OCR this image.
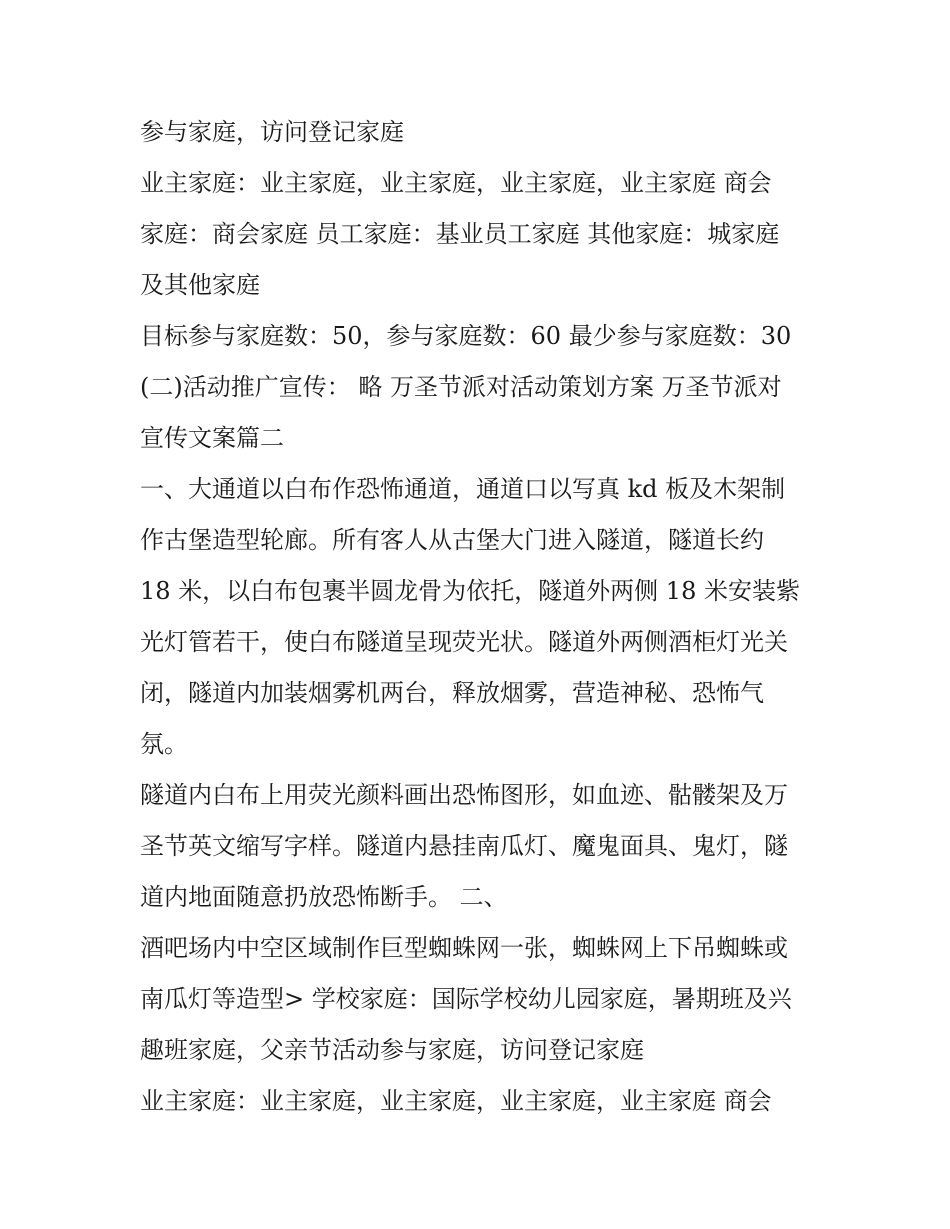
参与家庭，访问登记家庭
业主家庭：业主家庭，业主家庭，业主家庭，业主家庭 商会
家庭：商会家庭 员工家庭：基业员工家庭 其他家庭：城家庭
及其他家庭
目标参与家庭数：50，参与家庭数：60 最少参与家庭数：30
(二)活动推广宣传： 略 万圣节派对活动策划方案 万圣节派对
宣传文案篇二
一、大通道以白布作恐怖通道，通道口以写真 kd 板及木架制
作古堡造型轮廊。所有客人从古堡大门进入隧道，隧道长约
18 米，以白布包裹半圆龙骨为依托，隧道外两侧 18 米安装紫
光灯管若干，使白布隧道呈现荧光状。隧道外两侧酒柜灯光关
闭，隧道内加装烟雾机两台，释放烟雾，营造神秘、恐怖气
氛。
隧道内白布上用荧光颜料画出恐怖图形，如血迹、骷髅架及万
圣节英文缩写字样。隧道内悬挂南瓜灯、魔鬼面具、鬼灯，隧
道内地面随意扔放恐怖断手。 二、
酒吧场内中空区域制作巨型蜘蛛网一张，蜘蛛网上下吊蜘蛛或
南瓜灯等造型> 学校家庭：国际学校幼儿园家庭，暑期班及兴
趣班家庭，父亲节活动参与家庭，访问登记家庭
业主家庭：业主家庭，业主家庭，业主家庭，业主家庭 商会
